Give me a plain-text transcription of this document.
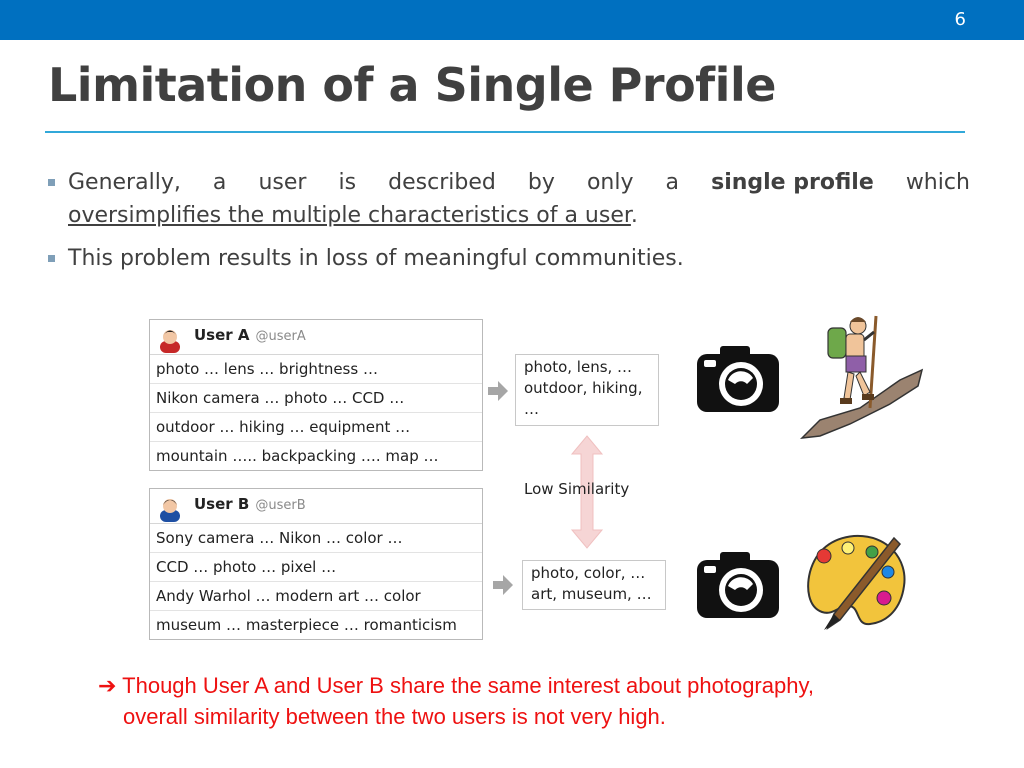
6
Limitation of a Single Profile
Generally, a user is described by only a single profile which
oversimplifies the multiple characteristics of a user.
This problem results in loss of meaningful communities.
User A @userA
photo … lens … brightness …
Nikon camera … photo … CCD …
outdoor … hiking … equipment …
mountain ….. backpacking …. map …
User B @userB
Sony camera … Nikon … color …
CCD … photo … pixel …
Andy Warhol … modern art … color
museum … masterpiece … romanticism
photo, lens, …
outdoor, hiking,
…
photo, color, …
art, museum, …
Low Similarity
➔ Though User A and User B share the same interest about photography,
overall similarity between the two users is not very high.
